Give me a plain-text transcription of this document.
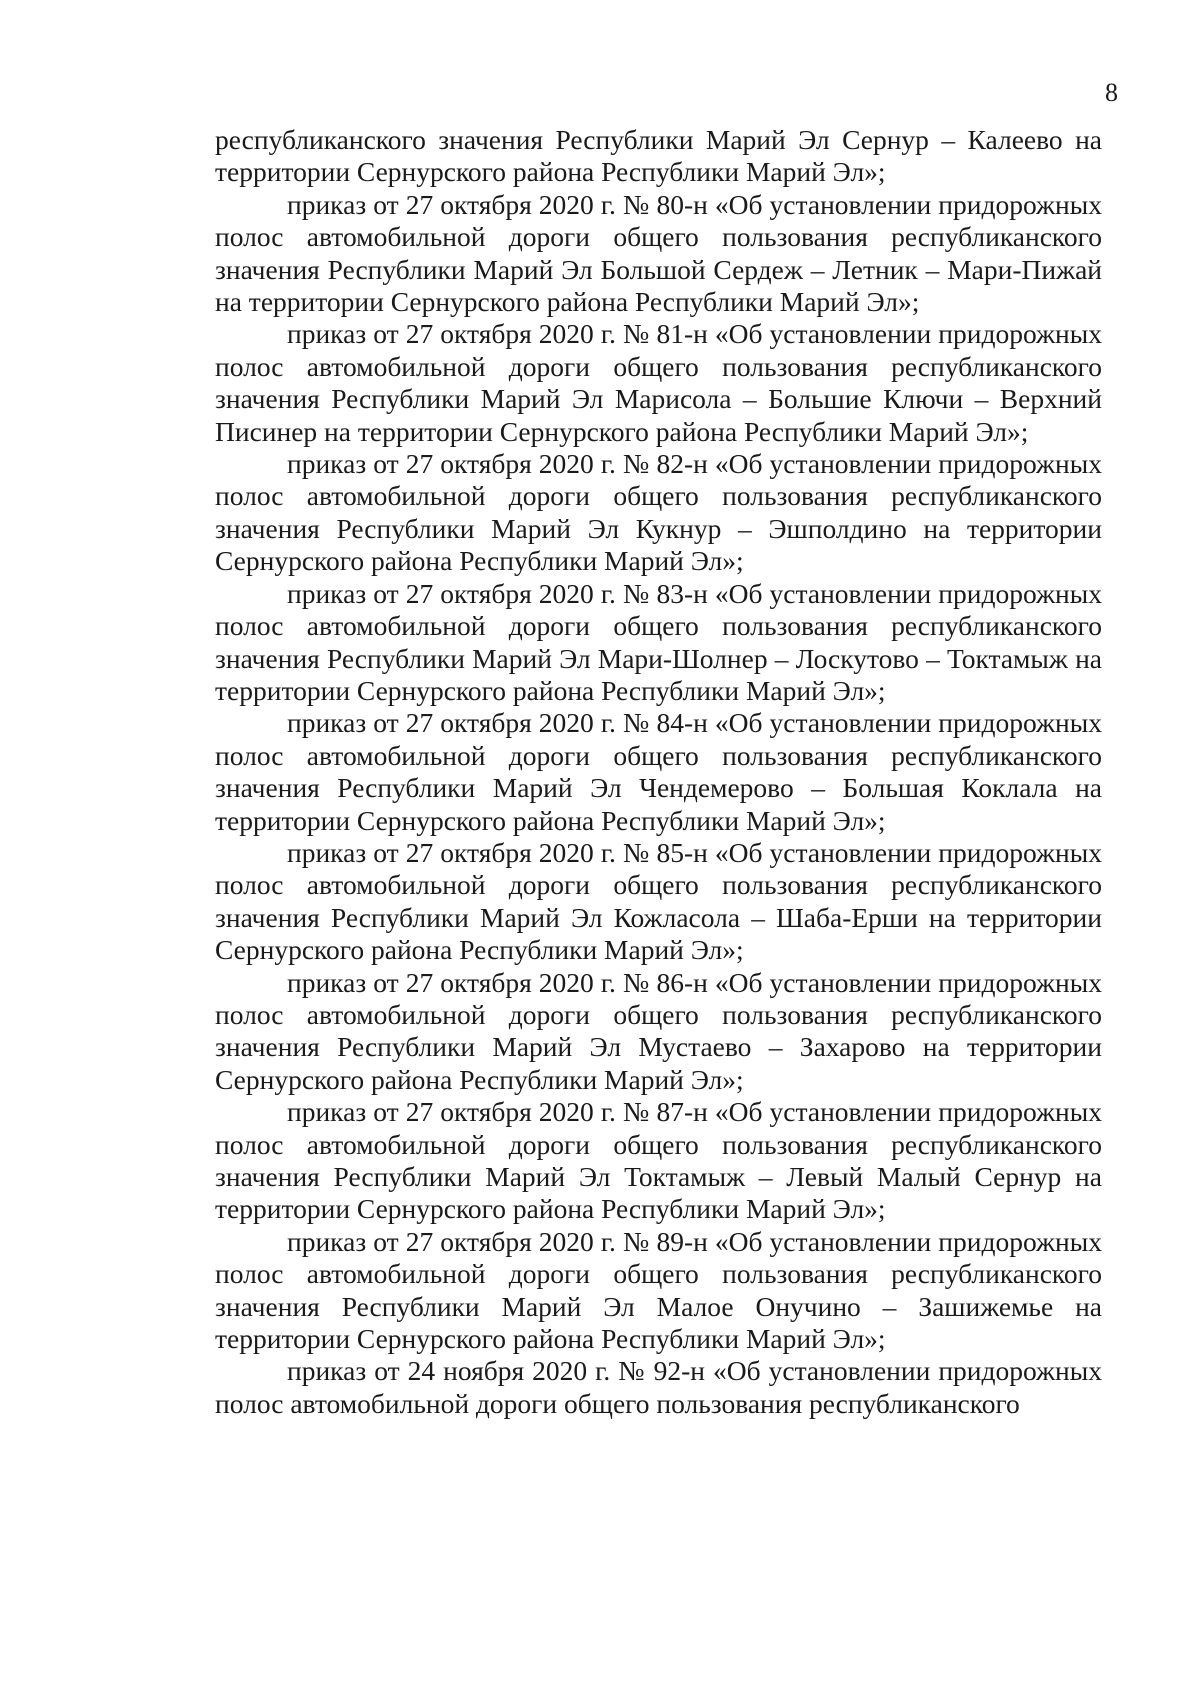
8

республиканского значения Республики Марий Эл Сернур – Калеево на территории Сернурского района Республики Марий Эл»;

приказ от 27 октября 2020 г. № 80-н «Об установлении придорожных полос автомобильной дороги общего пользования республиканского значения Республики Марий Эл Большой Сердеж – Летник – Мари-Пижай на территории Сернурского района Республики Марий Эл»;

приказ от 27 октября 2020 г. № 81-н «Об установлении придорожных полос автомобильной дороги общего пользования республиканского значения Республики Марий Эл Марисола – Большие Ключи – Верхний Писинер на территории Сернурского района Республики Марий Эл»;

приказ от 27 октября 2020 г. № 82-н «Об установлении придорожных полос автомобильной дороги общего пользования республиканского значения Республики Марий Эл Кукнур – Эшполдино на территории Сернурского района Республики Марий Эл»;

приказ от 27 октября 2020 г. № 83-н «Об установлении придорожных полос автомобильной дороги общего пользования республиканского значения Республики Марий Эл Мари-Шолнер – Лоскутово – Токтамыж на территории Сернурского района Республики Марий Эл»;

приказ от 27 октября 2020 г. № 84-н «Об установлении придорожных полос автомобильной дороги общего пользования республиканского значения Республики Марий Эл Чендемерово – Большая Коклала на территории Сернурского района Республики Марий Эл»;

приказ от 27 октября 2020 г. № 85-н «Об установлении придорожных полос автомобильной дороги общего пользования республиканского значения Республики Марий Эл Кожласола – Шаба-Ерши на территории Сернурского района Республики Марий Эл»;

приказ от 27 октября 2020 г. № 86-н «Об установлении придорожных полос автомобильной дороги общего пользования республиканского значения Республики Марий Эл Мустаево – Захарово на территории Сернурского района Республики Марий Эл»;

приказ от 27 октября 2020 г. № 87-н «Об установлении придорожных полос автомобильной дороги общего пользования республиканского значения Республики Марий Эл Токтамыж – Левый Малый Сернур на территории Сернурского района Республики Марий Эл»;

приказ от 27 октября 2020 г. № 89-н «Об установлении придорожных полос автомобильной дороги общего пользования республиканского значения Республики Марий Эл Малое Онучино – Зашижемье на территории Сернурского района Республики Марий Эл»;

приказ от 24 ноября 2020 г. № 92-н «Об установлении придорожных полос автомобильной дороги общего пользования республиканского
